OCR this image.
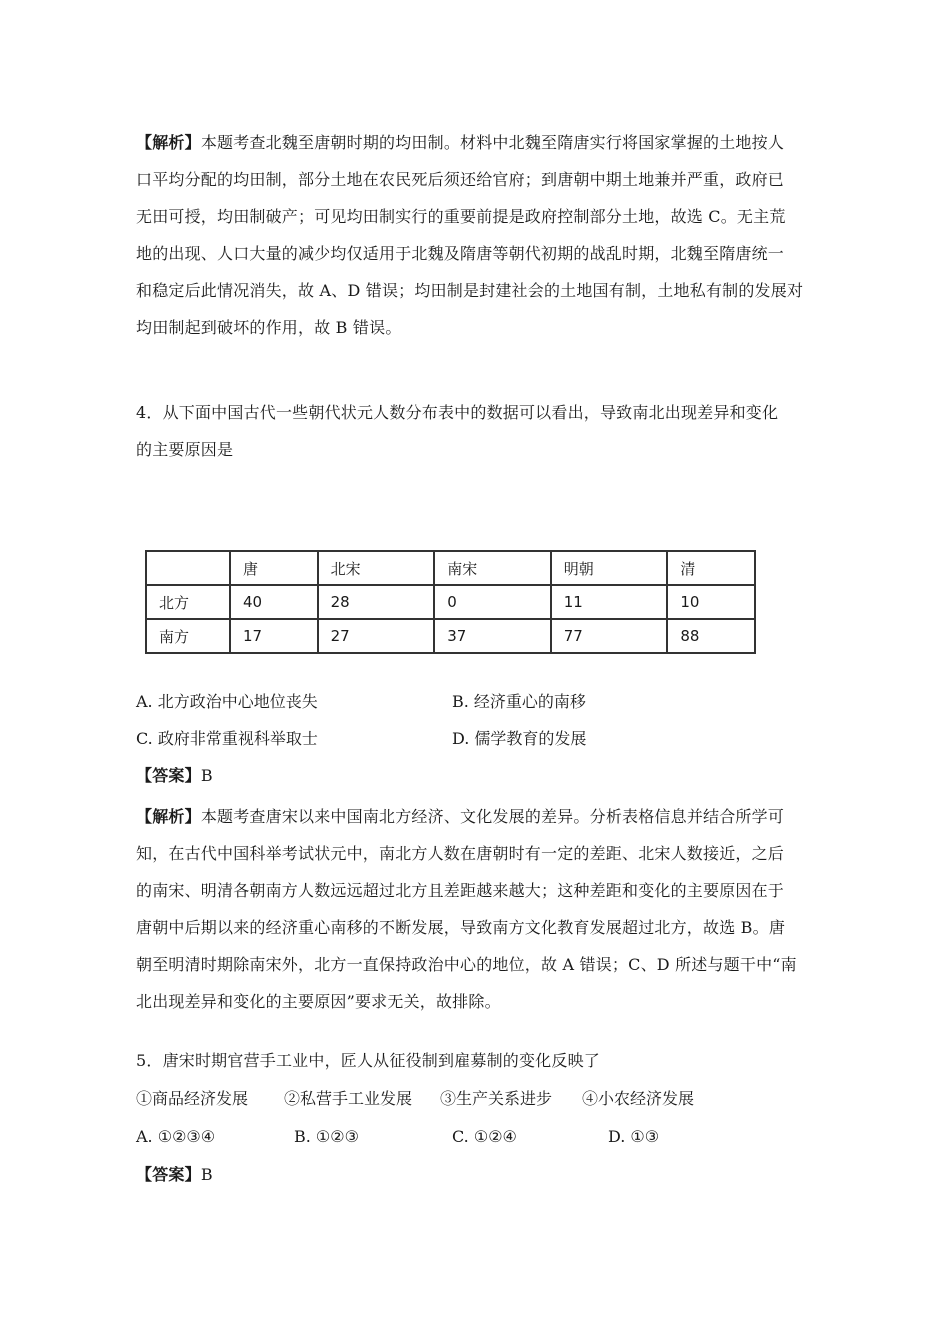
【解析】本题考查北魏至唐朝时期的均田制。材料中北魏至隋唐实行将国家掌握的土地按人
口平均分配的均田制，部分土地在农民死后须还给官府；到唐朝中期土地兼并严重，政府已
无田可授，均田制破产；可见均田制实行的重要前提是政府控制部分土地，故选 C。无主荒
地的出现、人口大量的减少均仅适用于北魏及隋唐等朝代初期的战乱时期，北魏至隋唐统一
和稳定后此情况消失，故 A、D 错误；均田制是封建社会的土地国有制，土地私有制的发展对
均田制起到破坏的作用，故 B 错误。
4．从下面中国古代一些朝代状元人数分布表中的数据可以看出，导致南北出现差异和变化
的主要原因是
	唐	北宋	南宋	明朝	清
北方	40	28	0	11	10
南方	17	27	37	77	88
A. 北方政治中心地位丧失	B. 经济重心的南移
C. 政府非常重视科举取士	D. 儒学教育的发展
【答案】B
【解析】本题考查唐宋以来中国南北方经济、文化发展的差异。分析表格信息并结合所学可
知，在古代中国科举考试状元中，南北方人数在唐朝时有一定的差距、北宋人数接近，之后
的南宋、明清各朝南方人数远远超过北方且差距越来越大；这种差距和变化的主要原因在于
唐朝中后期以来的经济重心南移的不断发展，导致南方文化教育发展超过北方，故选 B。唐
朝至明清时期除南宋外，北方一直保持政治中心的地位，故 A 错误；C、D 所述与题干中“南
北出现差异和变化的主要原因”要求无关，故排除。
5．唐宋时期官营手工业中，匠人从征役制到雇募制的变化反映了
①商品经济发展 ②私营手工业发展 ③生产关系进步 ④小农经济发展
A. ①②③④	B. ①②③	C. ①②④	D. ①③
【答案】B
